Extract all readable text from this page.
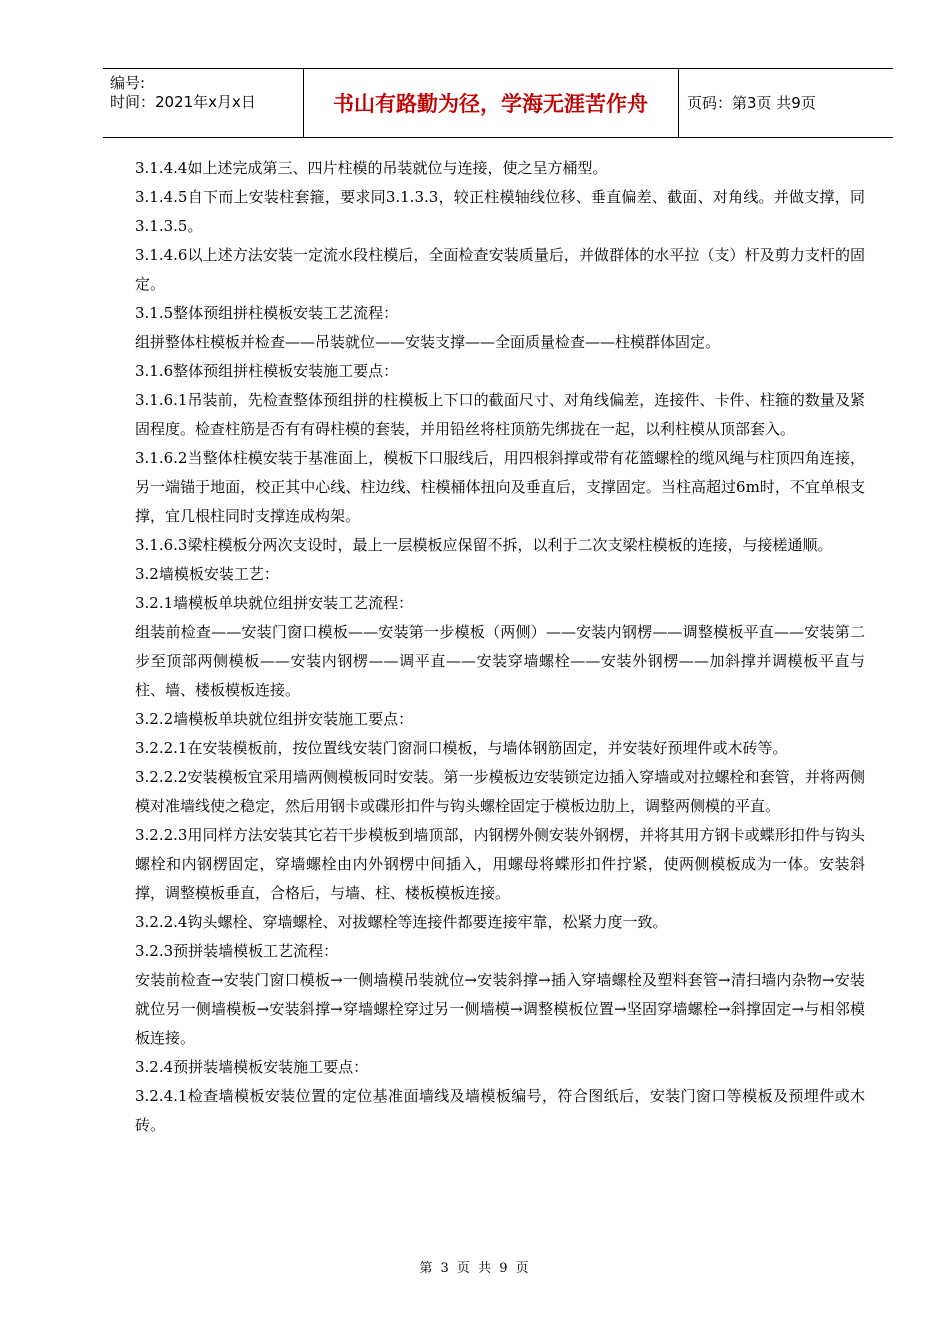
编号:
时间：2021年x月x日	书山有路勤为径，学海无涯苦作舟	页码：第3页 共9页

3.1.4.4如上述完成第三、四片柱模的吊装就位与连接，使之呈方桶型。

3.1.4.5自下而上安装柱套箍，要求同3.1.3.3，较正柱模轴线位移、垂直偏差、截面、对角线。并做支撑，同3.1.3.5。

3.1.4.6以上述方法安装一定流水段柱模后，全面检查安装质量后，并做群体的水平拉（支）杆及剪力支杆的固定。

3.1.5整体预组拼柱模板安装工艺流程：

组拼整体柱模板并检查——吊装就位——安装支撑——全面质量检查——柱模群体固定。

3.1.6整体预组拼柱模板安装施工要点：

3.1.6.1吊装前，先检查整体预组拼的柱模板上下口的截面尺寸、对角线偏差，连接件、卡件、柱箍的数量及紧固程度。检查柱筋是否有有碍柱模的套装，并用铅丝将柱顶筋先绑拢在一起，以利柱模从顶部套入。

3.1.6.2当整体柱模安装于基准面上，模板下口服线后，用四根斜撑或带有花篮螺栓的缆风绳与柱顶四角连接，另一端锚于地面，校正其中心线、柱边线、柱模桶体扭向及垂直后，支撑固定。当柱高超过6m时，不宜单根支撑，宜几根柱同时支撑连成构架。

3.1.6.3梁柱模板分两次支设时，最上一层模板应保留不拆，以利于二次支梁柱模板的连接，与接槎通顺。

3.2墙模板安装工艺：

3.2.1墙模板单块就位组拼安装工艺流程：

组装前检查——安装门窗口模板——安装第一步模板（两侧）——安装内钢楞——调整模板平直——安装第二步至顶部两侧模板——安装内钢楞——调平直——安装穿墙螺栓——安装外钢楞——加斜撑并调模板平直与柱、墙、楼板模板连接。

3.2.2墙模板单块就位组拼安装施工要点：

3.2.2.1在安装模板前，按位置线安装门窗洞口模板，与墙体钢筋固定，并安装好预埋件或木砖等。

3.2.2.2安装模板宜采用墙两侧模板同时安装。第一步模板边安装锁定边插入穿墙或对拉螺栓和套管，并将两侧模对准墙线使之稳定，然后用钢卡或碟形扣件与钩头螺栓固定于模板边肋上，调整两侧模的平直。

3.2.2.3用同样方法安装其它若干步模板到墙顶部，内钢楞外侧安装外钢楞，并将其用方钢卡或蝶形扣件与钩头螺栓和内钢楞固定，穿墙螺栓由内外钢楞中间插入，用螺母将蝶形扣件拧紧，使两侧模板成为一体。安装斜撑，调整模板垂直，合格后，与墙、柱、楼板模板连接。

3.2.2.4钩头螺栓、穿墙螺栓、对拔螺栓等连接件都要连接牢靠，松紧力度一致。

3.2.3预拼装墙模板工艺流程：

安装前检查→安装门窗口模板→一侧墙模吊装就位→安装斜撑→插入穿墙螺栓及塑料套管→清扫墙内杂物→安装就位另一侧墙模板→安装斜撑→穿墙螺栓穿过另一侧墙模→调整模板位置→坚固穿墙螺栓→斜撑固定→与相邻模板连接。

3.2.4预拼装墙模板安装施工要点：

3.2.4.1检查墙模板安装位置的定位基准面墙线及墙模板编号，符合图纸后，安装门窗口等模板及预埋件或木砖。

第 3 页 共 9 页
